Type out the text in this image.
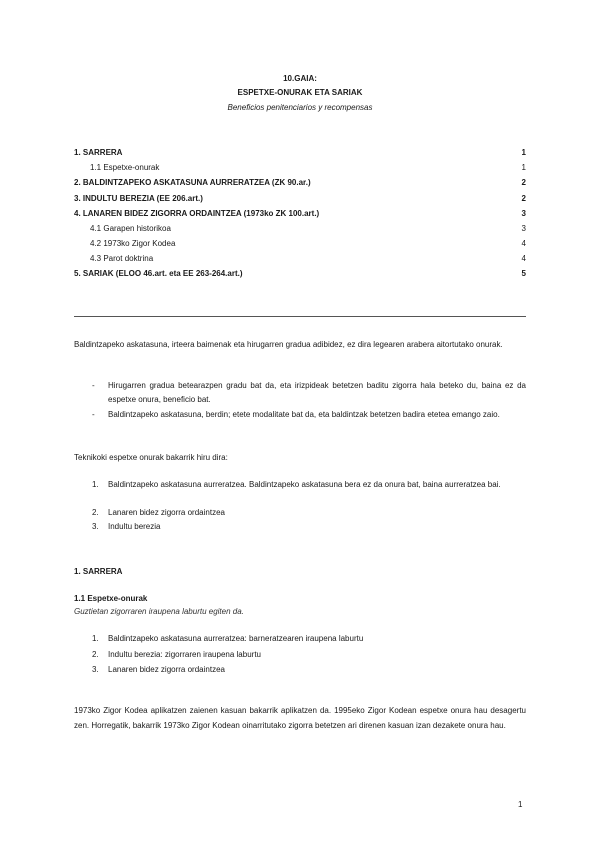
10.GAIA:
ESPETXE-ONURAK ETA SARIAK
Beneficios penitenciarios y recompensas
1. SARRERA	1
1.1 Espetxe-onurak	1
2. BALDINTZAPEKO ASKATASUNA AURRERATZEA (ZK 90.ar.)	2
3. INDULTU BEREZIA (EE 206.art.)	2
4. LANAREN BIDEZ ZIGORRA ORDAINTZEA (1973ko ZK 100.art.)	3
4.1 Garapen historikoa	3
4.2 1973ko Zigor Kodea	4
4.3 Parot doktrina	4
5. SARIAK (ELOO 46.art. eta EE 263-264.art.)	5
Baldintzapeko askatasuna, irteera baimenak eta hirugarren gradua adibidez, ez dira legearen arabera aitortutako onurak.
- Hirugarren gradua betearazpen gradu bat da, eta irizpideak betetzen baditu zigorra hala beteko du, baina ez da espetxe onura, beneficio bat.
- Baldintzapeko askatasuna, berdin; etete modalitate bat da, eta baldintzak betetzen badira etetea emango zaio.
Teknikoki espetxe onurak bakarrik hiru dira:
1. Baldintzapeko askatasuna aurreratzea. Baldintzapeko askatasuna bera ez da onura bat, baina aurreratzea bai.
2. Lanaren bidez zigorra ordaintzea
3. Indultu berezia
1. SARRERA
1.1 Espetxe-onurak
Guztietan zigorraren iraupena laburtu egiten da.
1. Baldintzapeko askatasuna aurreratzea: barneratzearen iraupena laburtu
2. Indultu berezia: zigorraren iraupena laburtu
3. Lanaren bidez zigorra ordaintzea
1973ko Zigor Kodea aplikatzen zaienen kasuan bakarrik aplikatzen da. 1995eko Zigor Kodean espetxe onura hau desagertu zen. Horregatik, bakarrik 1973ko Zigor Kodean oinarritutako zigorra betetzen ari direnen kasuan izan dezakete onura hau.
1
